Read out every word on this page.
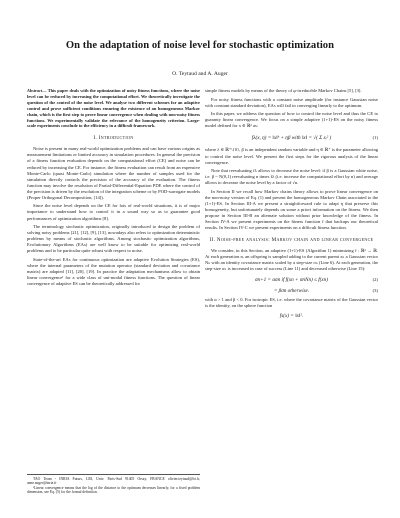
On the adaptation of noise level for stochastic optimization
O. Teytaud and A. Auger

Abstract— This paper deals with the optimization of noisy fitness functions, where the noise level can be reduced by increasing the computational effort. We theoretically investigate the question of the control of the noise level. We analyse two different schemes for an adaptive control and prove sufficient conditions ensuring the existence of an homogeneous Markov chain, which is the first step to prove linear convergence when dealing with non-noisy fitness functions. We experimentally validate the relevance of the homogeneity criterion. Large-scale experiments conclude to the efficiency in a difficult framework.

I. Introduction

Noise is present in many real-world optimization problems and can have various origins as measurement limitations or limited accuracy in simulation procedures. In general the precision of a fitness function evaluation depends on the computational effort (CE) and noise can be reduced by increasing the CE. For instance, the fitness evaluation can result from an expensive Monte-Carlo (quasi Monte-Carlo) simulation where the number of samples used for the simulation directly controls the precision of the accuracy of the evaluation. The fitness function may involve the resolution of Partial-Differential-Equation PDE where the control of the precision is driven by the resolution of the integration scheme or by POD-surrogate models (Proper Orthogonal Decomposition, [14]).

Since the noise level depends on the CE for lots of real-world situations, it is of major importance to understand how to control it in a sound way so as to guarantee good performances of optimization algorithms [8].

The terminology stochastic optimization, originally introduced to design the problem of solving noisy problems [21], [12], [9], [13], nowadays also refers to optimization deterministic problems by means of stochastic algorithms. Among stochastic optimization algorithms, Evolutionary Algorithms (EAs) are well know to be suitable for optimizing real-world problems and to be particular quite robust with respect to noise.

State-of-the-art EAs for continuous optimization are adaptive Evolution Strategies (ES), where the internal parameters of the mutation operator (standard deviation and covariance matrix) are adapted [11], [20], [19]. In practice the adaptation mechanisms allow to obtain linear convergence¹ for a wide class of uni-modal fitness functions. The question of linear convergence of adaptive ES can be theoretically addressed for

TAO Team - INRIA Futurs, LRI, Univ. Paris-Sud 91405 Orsay, FRANCE olivier.teytaud@lri.fr, anne.auger@inria.fr

¹Linear convergence means that the log of the distance to the optimum decreases linearly, for a fixed problem dimension, see Eq. (5) for the formal definition.

simple fitness models by means of the theory of φ-irreducible Markov Chains [5], [3].

For noisy fitness functions with a constant noise amplitude (for instance Gaussian noise with constant standard deviation), EAs will fail in converging linearly to the optimum.

In this paper, we address the question of how to control the noise level and thus the CE to guaranty linear convergence. We focus on a simple adaptive (1+1)-ES on the noisy fitness model defined for x ∈ ℝᵈ as:

fλ(x, η) = ‖x‖ᵏ + ηβ with ‖x‖ = √( Σ xᵢ² )	(1)

where λ ∈ ℝ⁺\{0}, β is an independent random variable and η ∈ ℝ⁺ is the parameter allowing to control the noise level. We present the first steps for the rigorous analysis of the linear convergence.

Note that reevaluating fλ allows to decrease the noise level: if β is a Gaussian white noise, i.e. β ~ N(0,1) reevaluating n times fλ (i.e. increase the computational effort by n) and average allows to decrease the noise level by a factor of √n.

In Section II we recall how Markov chains theory allows to prove linear convergence on the non-noisy version of Eq. (1) and present the homogeneous Markov Chain associated to the (1+1)-ES. In Section III-A we present a straightforward rule to adapt η that preserve this homogeneity, but unfortunately depends on some a priori information on the fitness. We then propose in Section III-B an alternate solution without prior knowledge of the fitness. In Section IV-A we present experiments on the fitness function f that backups our theoretical results. In Section IV-C we present experiments on a difficult fitness function.

II. Noise-free analysis: Markov chain and linear convergence

We consider, in this Section, an adaptive (1+1)-ES (Algorithm 1) minimizing f : ℝᵈ → ℝ. At each generation n, an offspring is sampled adding to the current parent xₙ a Gaussian vector Nₙ with an identity covariance matrix scaled by a step-size σₙ (Line 6). At each generation, the step-size σₙ is increased in case of success (Line 11) and decreased otherwise (Line 15):

σn+1 = ασn if f(xn + σnNn) ≤ f(xn)	(2)
= βσn otherwise.	(3)

with α > 1 and β < 0. For isotropic ES, i.e. where the covariance matrix of the Gaussian vector is the identity, on the sphere function

fs(x) = ‖x‖².
